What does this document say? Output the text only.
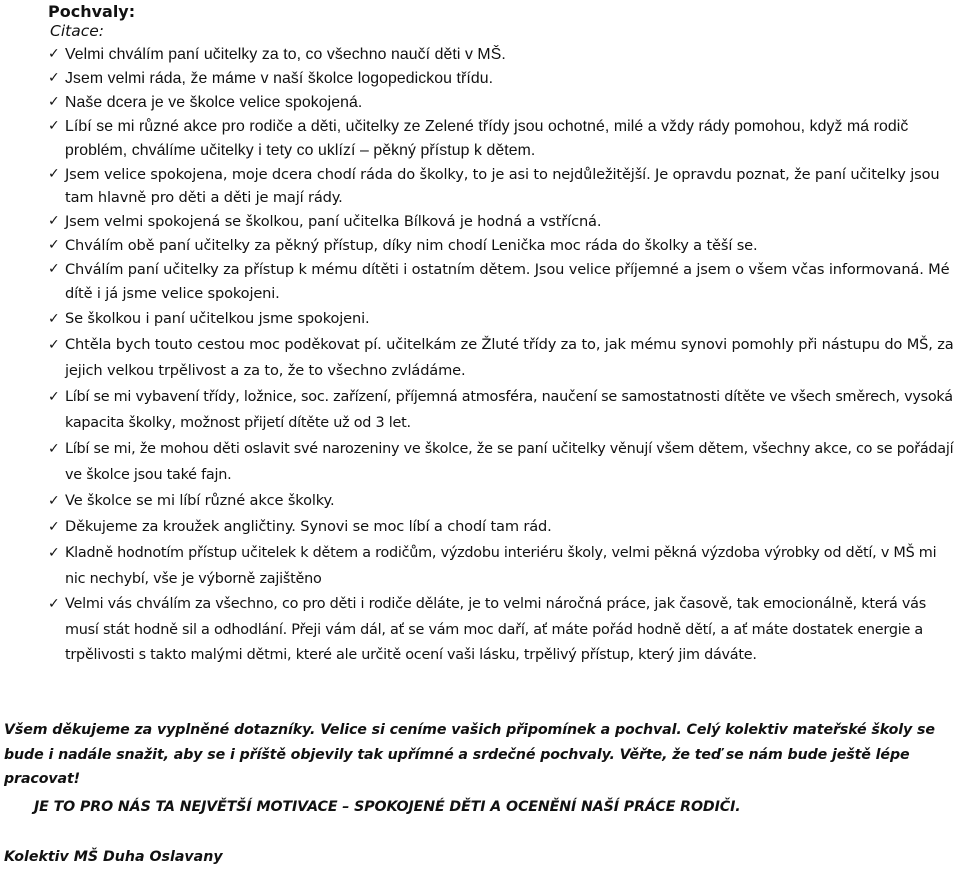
Pochvaly:
Citace:
✓ Velmi chválím paní učitelky za to, co všechno naučí děti v MŠ.
✓ Jsem velmi ráda, že máme v naší školce logopedickou třídu.
✓ Naše dcera je ve školce velice spokojená.
✓ Líbí se mi různé akce pro rodiče a děti, učitelky ze Zelené třídy jsou ochotné, milé a vždy rády pomohou, když má rodič problém, chválíme učitelky i tety co uklízí – pěkný přístup k dětem.
✓ Jsem velice spokojena, moje dcera chodí ráda do školky, to je asi to nejdůležitější. Je opravdu poznat, že paní učitelky jsou tam hlavně pro děti a děti je mají rády.
✓ Jsem velmi spokojená se školkou, paní učitelka Bílková je hodná a vstřícná.
✓ Chválím obě paní učitelky za pěkný přístup, díky nim chodí Lenička moc ráda do školky a těší se.
✓ Chválím paní učitelky za přístup k mému dítěti i ostatním dětem. Jsou velice příjemné a jsem o všem včas informovaná. Mé dítě i já jsme velice spokojeni.
✓ Se školkou i paní učitelkou jsme spokojeni.
✓ Chtěla bych touto cestou moc poděkovat pí. učitelkám ze Žluté třídy za to, jak mému synovi pomohly při nástupu do MŠ, za jejich velkou trpělivost a za to, že to všechno zvládáme.
✓ Líbí se mi vybavení třídy, ložnice, soc. zařízení, příjemná atmosféra, naučení se samostatnosti dítěte ve všech směrech, vysoká kapacita školky, možnost přijetí dítěte už od 3 let.
✓ Líbí se mi, že mohou děti oslavit své narozeniny ve školce, že se paní učitelky věnují všem dětem, všechny akce, co se pořádají ve školce jsou také fajn.
✓ Ve školce se mi líbí různé akce školky.
✓ Děkujeme za kroužek angličtiny. Synovi se moc líbí a chodí tam rád.
✓ Kladně hodnotím přístup učitelek k dětem a rodičům, výzdobu interiéru školy, velmi pěkná výzdoba výrobky od dětí, v MŠ mi nic nechybí, vše je výborně zajištěno
✓ Velmi vás chválím za všechno, co pro děti i rodiče děláte, je to velmi náročná práce, jak časově, tak emocionálně, která vás musí stát hodně sil a odhodlání. Přeji vám dál, ať se vám moc daří, ať máte pořád hodně dětí, a ať máte dostatek energie a trpělivosti s takto malými dětmi, které ale určitě ocení vaši lásku, trpělivý přístup, který jim dáváte.
Všem děkujeme za vyplněné dotazníky. Velice si ceníme vašich připomínek a pochval. Celý kolektiv mateřské školy se bude i nadále snažit, aby se i příště objevily tak upřímné a srdečné pochvaly. Věřte, že teď se nám bude ještě lépe pracovat!
JE TO PRO NÁS TA NEJVĚTŠÍ MOTIVACE – SPOKOJENÉ DĚTI A OCENĚNÍ NAŠÍ PRÁCE RODIČI.
Kolektiv MŠ Duha Oslavany
